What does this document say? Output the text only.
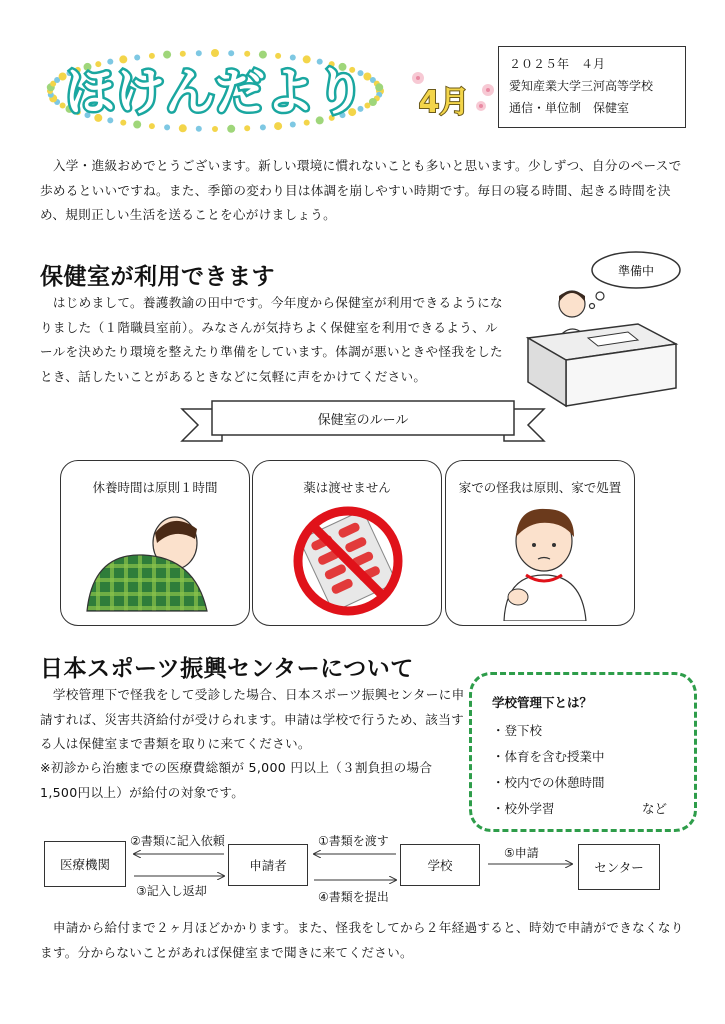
ほけんだより 4月
２０２５年　４月
愛知産業大学三河高等学校
通信・単位制　保健室

　入学・進級おめでとうございます。新しい環境に慣れないことも多いと思います。少しずつ、自分のペースで歩めるといいですね。また、季節の変わり目は体調を崩しやすい時期です。毎日の寝る時間、起きる時間を決め、規則正しい生活を送ることを心がけましょう。

保健室が利用できます

　はじめまして。養護教諭の田中です。今年度から保健室が利用できるようになりました（１階職員室前）。みなさんが気持ちよく保健室を利用できるよう、ルールを決めたり環境を整えたり準備をしています。体調が悪いときや怪我をしたとき、話したいことがあるときなどに気軽に声をかけてください。

準備中
保健室のルール
休養時間は原則１時間	薬は渡せません	家での怪我は原則、家で処置
日本スポーツ振興センターについて

　学校管理下で怪我をして受診した場合、日本スポーツ振興センターに申請すれば、災害共済給付が受けられます。申請は学校で行うため、該当する人は保健室まで書類を取りに来てください。

※初診から治癒までの医療費総額が 5,000 円以上（３割負担の場合1,500円以上）が給付の対象です。

学校管理下とは？
・登下校
・体育を含む授業中
・校内での休憩時間
・校外学習	など
医療機関	申請者	学校	センター
②書類に記入依頼
③記入し返却
①書類を渡す
④書類を提出
⑤申請

　申請から給付まで２ヶ月ほどかかります。また、怪我をしてから２年経過すると、時効で申請ができなくなります。分からないことがあれば保健室まで聞きに来てください。
